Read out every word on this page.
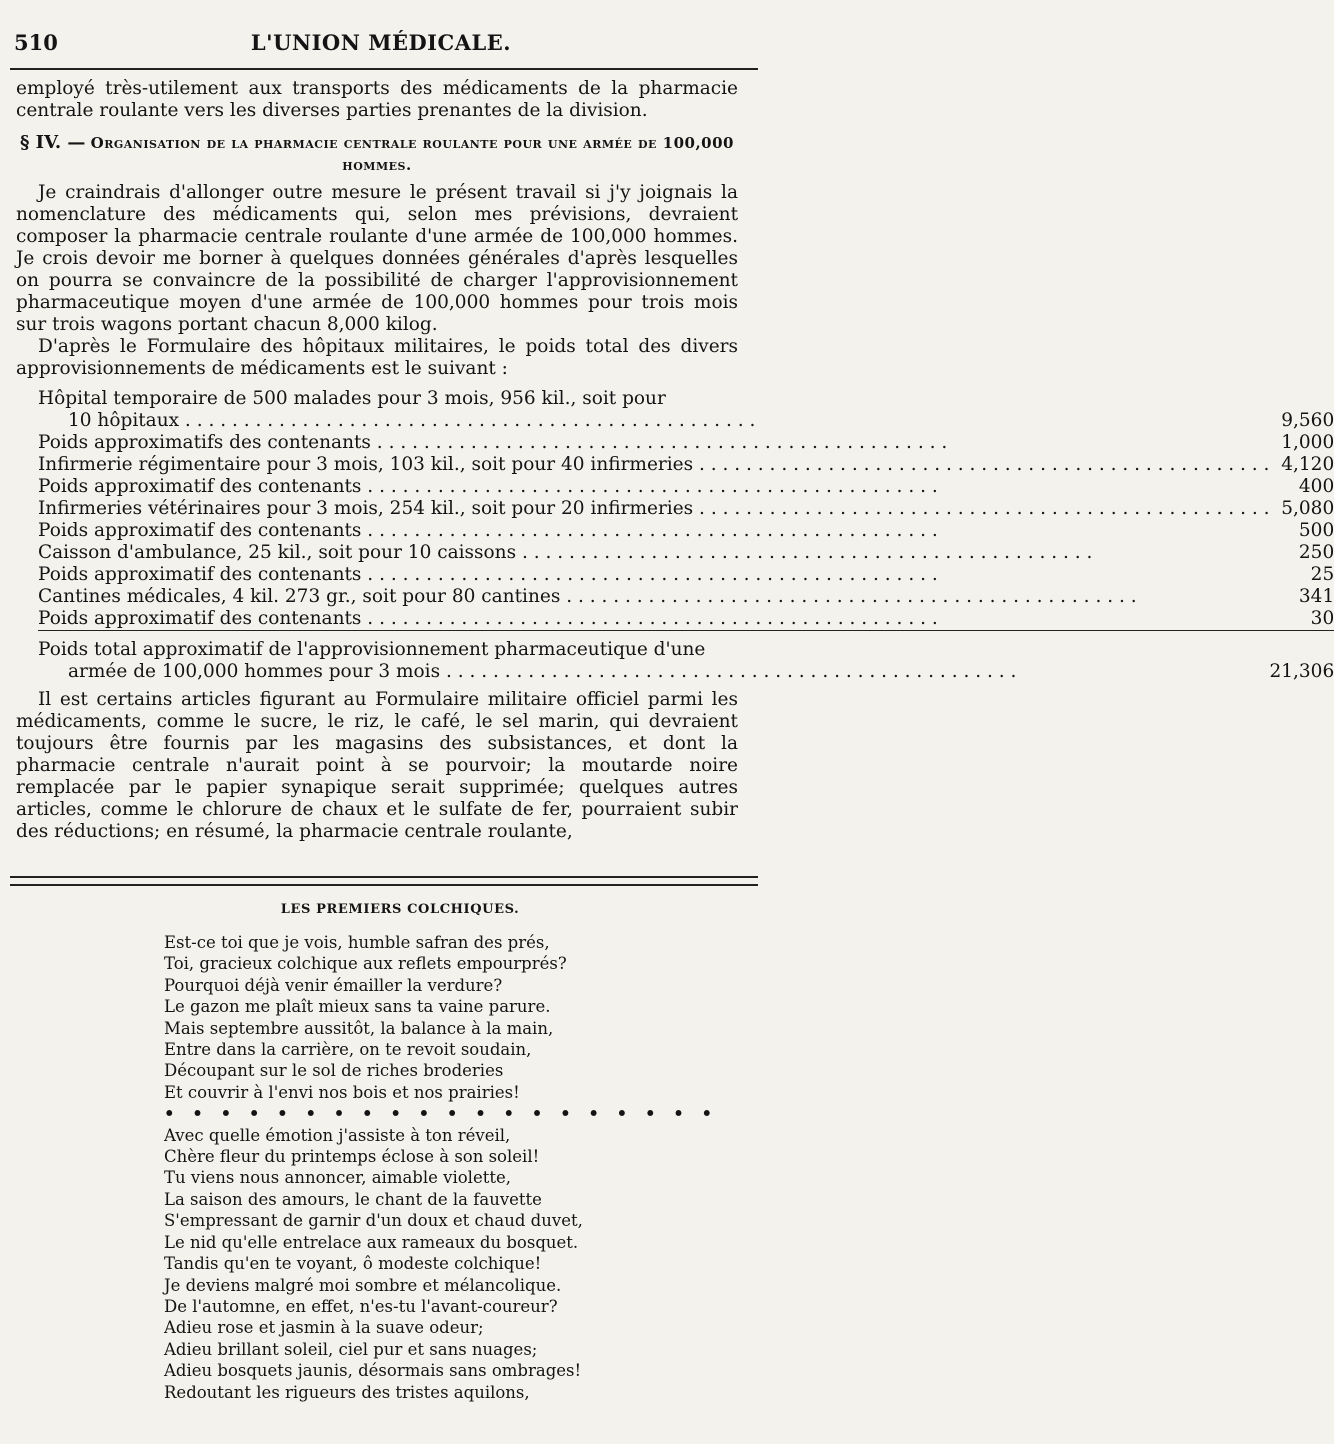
510	L'UNION MÉDICALE.

employé très-utilement aux transports des médicaments de la pharmacie centrale roulante vers les diverses parties prenantes de la division.

§ IV. — Organisation de la pharmacie centrale roulante pour une armée de 100,000 hommes.

Je craindrais d'allonger outre mesure le présent travail si j'y joignais la nomenclature des médicaments qui, selon mes prévisions, devraient composer la pharmacie centrale roulante d'une armée de 100,000 hommes. Je crois devoir me borner à quelques données générales d'après lesquelles on pourra se convaincre de la possibilité de charger l'approvisionnement pharmaceutique moyen d'une armée de 100,000 hommes pour trois mois sur trois wagons portant chacun 8,000 kilog.

D'après le Formulaire des hôpitaux militaires, le poids total des divers approvisionnements de médicaments est le suivant :

Hôpital temporaire de 500 malades pour 3 mois, 956 kil., soit pour	
10 hôpitaux . . .	9,560
Poids approximatifs des contenants . . .	1,000
Infirmerie régimentaire pour 3 mois, 103 kil., soit pour 40 infirmeries . . .	4,120
Poids approximatif des contenants . . .	400
Infirmeries vétérinaires pour 3 mois, 254 kil., soit pour 20 infirmeries . . .	5,080
Poids approximatif des contenants . . .	500
Caisson d'ambulance, 25 kil., soit pour 10 caissons . . .	250
Poids approximatif des contenants . . .	25
Cantines médicales, 4 kil. 273 gr., soit pour 80 cantines . . .	341
Poids approximatif des contenants . . .	30

Poids total approximatif de l'approvisionnement pharmaceutique d'une	
armée de 100,000 hommes pour 3 mois . . .	21,306

Il est certains articles figurant au Formulaire militaire officiel parmi les médicaments, comme le sucre, le riz, le café, le sel marin, qui devraient toujours être fournis par les magasins des subsistances, et dont la pharmacie centrale n'aurait point à se pourvoir; la moutarde noire remplacée par le papier synapique serait supprimée; quelques autres articles, comme le chlorure de chaux et le sulfate de fer, pourraient subir des réductions; en résumé, la pharmacie centrale roulante,

LES PREMIERS COLCHIQUES.
Est-ce toi que je vois, humble safran des prés,
Toi, gracieux colchique aux reflets empourprés?
Pourquoi déjà venir émailler la verdure?
Le gazon me plaît mieux sans ta vaine parure.
Mais septembre aussitôt, la balance à la main,
Entre dans la carrière, on te revoit soudain,
Découpant sur le sol de riches broderies
Et couvrir à l'envi nos bois et nos prairies!
• • • • • • • • • • • • • • • • • • • •
Avec quelle émotion j'assiste à ton réveil,
Chère fleur du printemps éclose à son soleil!
Tu viens nous annoncer, aimable violette,
La saison des amours, le chant de la fauvette
S'empressant de garnir d'un doux et chaud duvet,
Le nid qu'elle entrelace aux rameaux du bosquet.
Tandis qu'en te voyant, ô modeste colchique!
Je deviens malgré moi sombre et mélancolique.
De l'automne, en effet, n'es-tu l'avant-coureur?
Adieu rose et jasmin à la suave odeur;
Adieu brillant soleil, ciel pur et sans nuages;
Adieu bosquets jaunis, désormais sans ombrages!
Redoutant les rigueurs des tristes aquilons,
